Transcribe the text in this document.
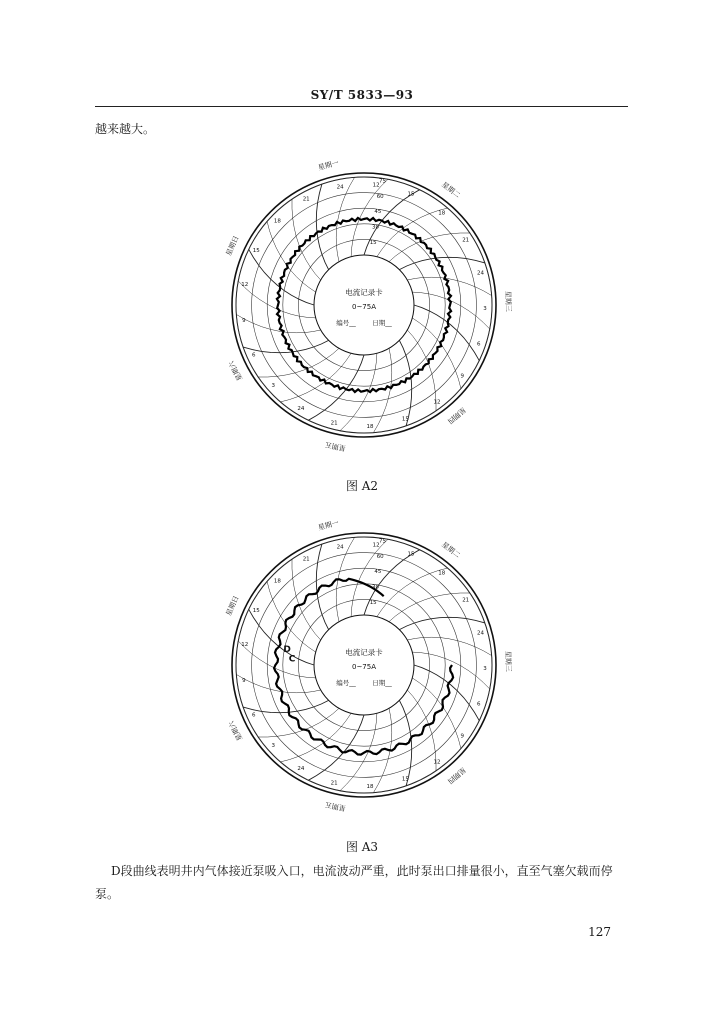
SY/T 5833—93
越来越大。
星期一
星期二
星期三
星期四
星期五
星期六
星期日
12
15
18
21
24
3
6
9
12
15
18
21
24
3
6
9
12
15
18
21
24
15
30
45
60
75
电流记录卡
0~75A
编号__	日期__
图 A2
星期一
星期二
星期三
星期四
星期五
星期六
星期日
12
15
18
21
24
3
6
9
12
15
18
21
24
3
6
9
12
15
18
21
24
15
30
45
60
75
电流记录卡
0~75A
编号__	日期__
C
D
图 A3
D段曲线表明井内气体接近泵吸入口，电流波动严重，此时泵出口排量很小，直至气塞欠载而停泵。
127
